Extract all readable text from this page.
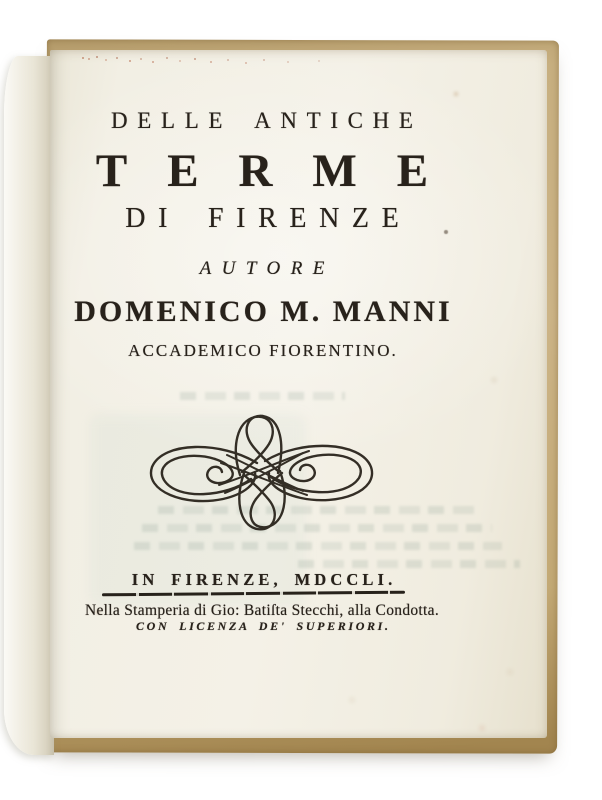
DELLE ANTICHE
TERME
DI FIRENZE
AUTORE
DOMENICO M. MANNI
ACCADEMICO FIORENTINO.
IN FIRENZE, MDCCLI.
Nella Stamperia di Gio: Batiſta Stecchi, alla Condotta.
CON LICENZA DE' SUPERIORI.
